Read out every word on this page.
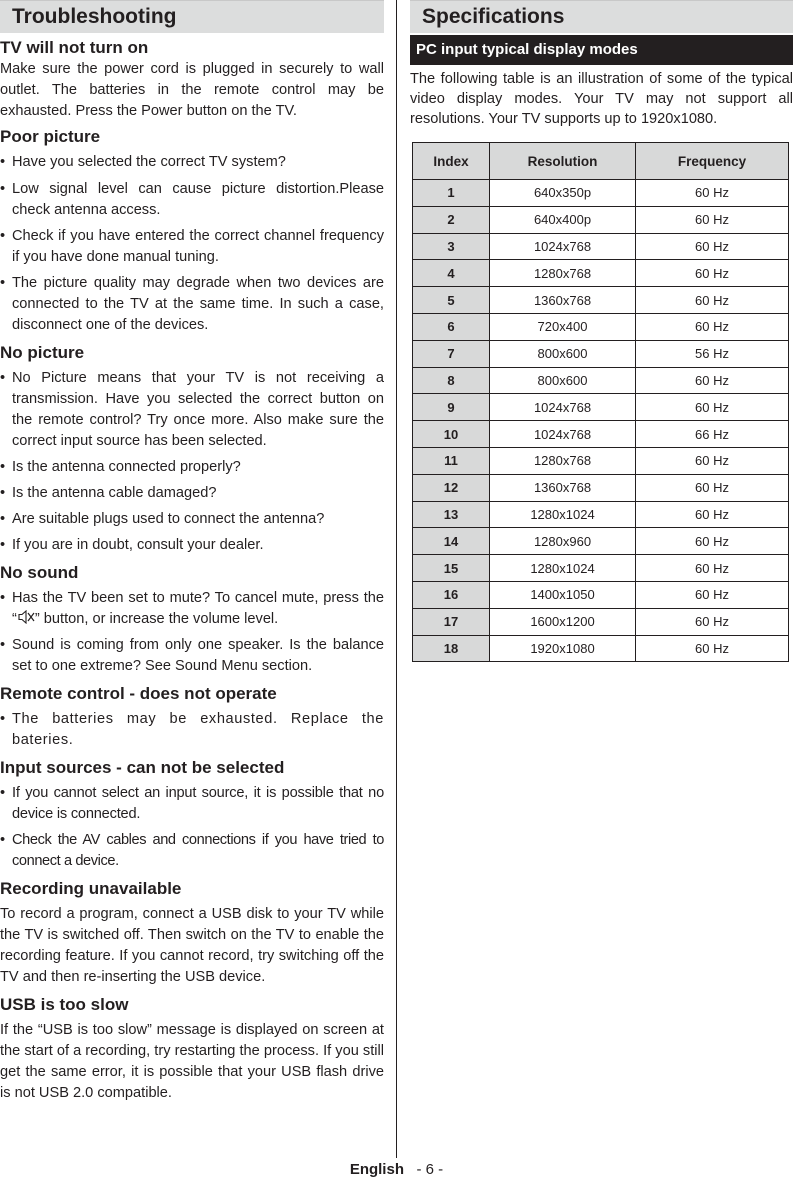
Troubleshooting
TV will not turn on

Make sure the power cord is plugged in securely to wall outlet. The batteries in the remote control may be exhausted. Press the Power button on the TV.

Poor picture

• Have you selected the correct TV system?

• Low signal level can cause picture distortion.Please check antenna access.

• Check if you have entered the correct channel frequency if you have done manual tuning.

• The picture quality may degrade when two devices are connected to the TV at the same time. In such a case, disconnect one of the devices.

No picture

• No Picture means that your TV is not receiving a transmission. Have you selected the correct button on the remote control? Try once more. Also make sure the correct input source has been selected.

• Is the antenna connected properly?

• Is the antenna cable damaged?

• Are suitable plugs used to connect the antenna?

• If you are in doubt, consult your dealer.

No sound

• Has the TV been set to mute? To cancel mute, press the “ ” button, or increase the volume level.

• Sound is coming from only one speaker. Is the balance set to one extreme? See Sound Menu section.

Remote control - does not operate

• The batteries may be exhausted. Replace the bateries.

Input sources - can not be selected

• If you cannot select an input source, it is possible that no device is connected.

• Check the AV cables and connections if you have tried to connect a device.

Recording unavailable

To record a program, connect a USB disk to your TV while the TV is switched off. Then switch on the TV to enable the recording feature. If you cannot record, try switching off the TV and then re-inserting the USB device.

USB is too slow

If the “USB is too slow” message is displayed on screen at the start of a recording, try restarting the process. If you still get the same error, it is possible that your USB flash drive is not USB 2.0 compatible.

Specifications
PC input typical display modes

The following table is an illustration of some of the typical video display modes. Your TV may not support all resolutions. Your TV supports up to 1920x1080.

Index	Resolution	Frequency
1	640x350p	60 Hz
2	640x400p	60 Hz
3	1024x768	60 Hz
4	1280x768	60 Hz
5	1360x768	60 Hz
6	720x400	60 Hz
7	800x600	56 Hz
8	800x600	60 Hz
9	1024x768	60 Hz
10	1024x768	66 Hz
11	1280x768	60 Hz
12	1360x768	60 Hz
13	1280x1024	60 Hz
14	1280x960	60 Hz
15	1280x1024	60 Hz
16	1400x1050	60 Hz
17	1600x1200	60 Hz
18	1920x1080	60 Hz
English - 6 -
